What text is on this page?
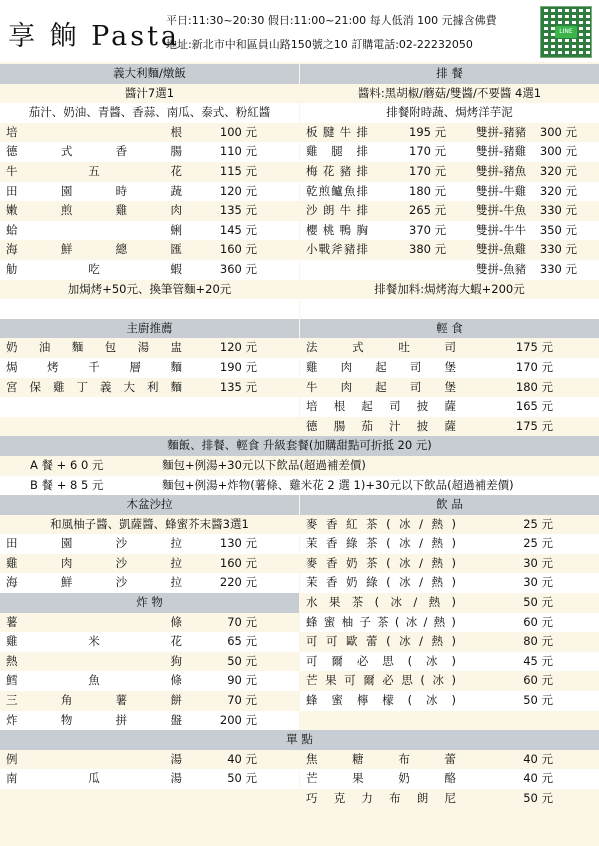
享 餉 Pasta
平日:11:30~20:30 假日:11:00~21:00 每人低消 100 元據含佛費
地址:新北市中和區員山路150號之10 訂購電話:02-22232050
LINE
義大利麵/燉飯
醬汁7選1
茄汁、奶油、青醬、香蒜、南瓜、泰式、粉紅醬
培	根	100 元
德	式	香	腸	110 元
牛	五	花	115 元
田	園	時	蔬	120 元
嫩	煎	雞	肉	135 元
蛤	蜊	145 元
海	鮮	總	匯	160 元
觔	吃	蝦	360 元
加焗烤+50元、換筆管麵+20元
主廚推薦
奶 油 麵 包 湯 盅	120 元
焗	烤	千	層	麵	190 元
宮 保 雞 丁 義 大 利 麵	135 元
木盆沙拉
和風柚子醬、凱薩醬、蜂蜜芥末醬3選1
田	園	沙	拉	130 元
雞	肉	沙	拉	160 元
海	鮮	沙	拉	220 元
炸 物
薯	條	70 元
雞	米	花	65 元
熱	狗	50 元
鱈	魚	條	90 元
三	角	薯	餅	70 元
炸	物	拼	盤	200 元
例	湯	40 元
南	瓜	湯	50 元
排 餐
醬料:黑胡椒/蘑菇/雙醬/不要醬 4選1
排餐附時蔬、焗烤洋芋泥
板 腱 牛 排	195 元	雙拼-豬豬 300 元
雞 腿 排	170 元	雙拼-豬雞 300 元
梅 花 豬 排	170 元	雙拼-豬魚 320 元
乾 煎 鱸 魚 排	180 元	雙拼-牛雞 320 元
沙 朗 牛 排	265 元	雙拼-牛魚 330 元
櫻 桃 鴨 胸	370 元	雙拼-牛牛 350 元
小 戰 斧 豬 排	380 元	雙拼-魚雞 330 元
雙拼-魚豬 330 元
排餐加料:焗烤海大蝦+200元
輕 食
法	式	吐	司	175 元
雞 肉 起 司 堡	170 元
牛 肉 起 司 堡	180 元
培 根 起 司 披 薩	165 元
德 腸 茄 汁 披 薩	175 元
飲 品
麥 香 紅 茶 ( 冰 / 熱 )	25 元
茉 香 綠 茶 ( 冰 / 熱 )	25 元
麥 香 奶 茶 ( 冰 / 熱 )	30 元
茉 香 奶 綠 ( 冰 / 熱 )	30 元
水 果 茶 ( 冰 / 熱 )	50 元
蜂 蜜 柚 子 茶 ( 冰 / 熱 )	60 元
可 可 歐 蕾 ( 冰 / 熱 )	80 元
可 爾 必 思 ( 冰 )	45 元
芒 果 可 爾 必 思 ( 冰 )	60 元
蜂 蜜 檸 檬 ( 冰 )	50 元
焦	糖	布	蕾	40 元
芒	果	奶	酪	40 元
巧 克 力 布 朗 尼	50 元
麵飯、排餐、輕食 升級套餐(加購甜點可折抵 20 元)
A 餐 + 6 0 元	麵包+例湯+30元以下飲品(超過補差價)
B 餐 + 8 5 元	麵包+例湯+炸物(薯條、雞米花 2 選 1)+30元以下飲品(超過補差價)
單 點
